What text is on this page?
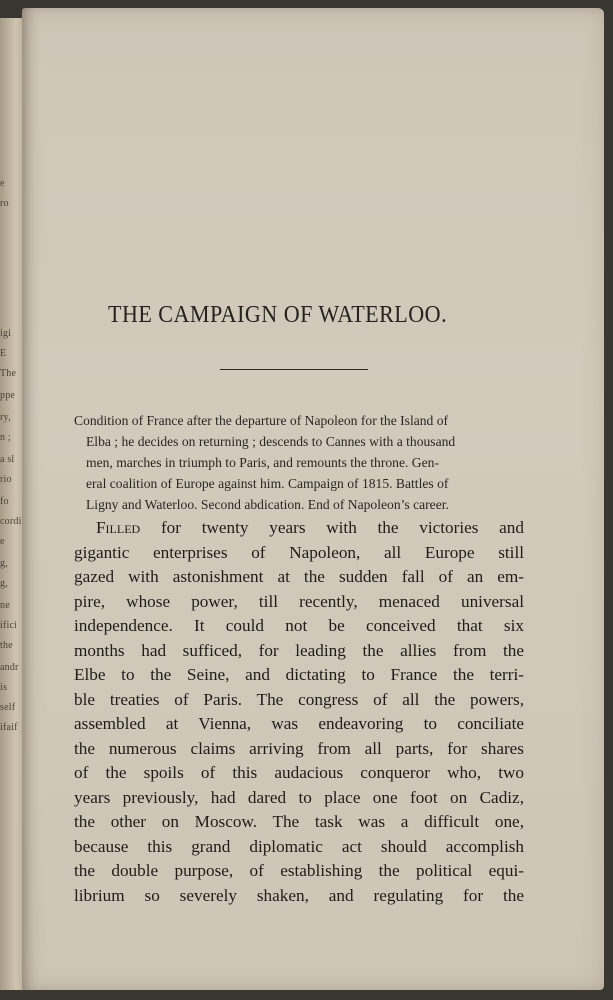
e
ro
igi
E
The
ppe
ry,
n ;
a sl
rio
fo
cordi
e
g,
g,
ne
ifici
the
andr
is
self
ifaif
THE CAMPAIGN OF WATERLOO.
Condition of France after the departure of Napoleon for the Island of
Elba ; he decides on returning ; descends to Cannes with a thousand
men, marches in triumph to Paris, and remounts the throne. Gen-
eral coalition of Europe against him. Campaign of 1815. Battles of
Ligny and Waterloo. Second abdication. End of Napoleon’s career.
Filled for twenty years with the victories and
gigantic enterprises of Napoleon, all Europe still
gazed with astonishment at the sudden fall of an em-
pire, whose power, till recently, menaced universal
independence. It could not be conceived that six
months had sufficed, for leading the allies from the
Elbe to the Seine, and dictating to France the terri-
ble treaties of Paris. The congress of all the powers,
assembled at Vienna, was endeavoring to conciliate
the numerous claims arriving from all parts, for shares
of the spoils of this audacious conqueror who, two
years previously, had dared to place one foot on Cadiz,
the other on Moscow. The task was a difficult one,
because this grand diplomatic act should accomplish
the double purpose, of establishing the political equi-
librium so severely shaken, and regulating for the
